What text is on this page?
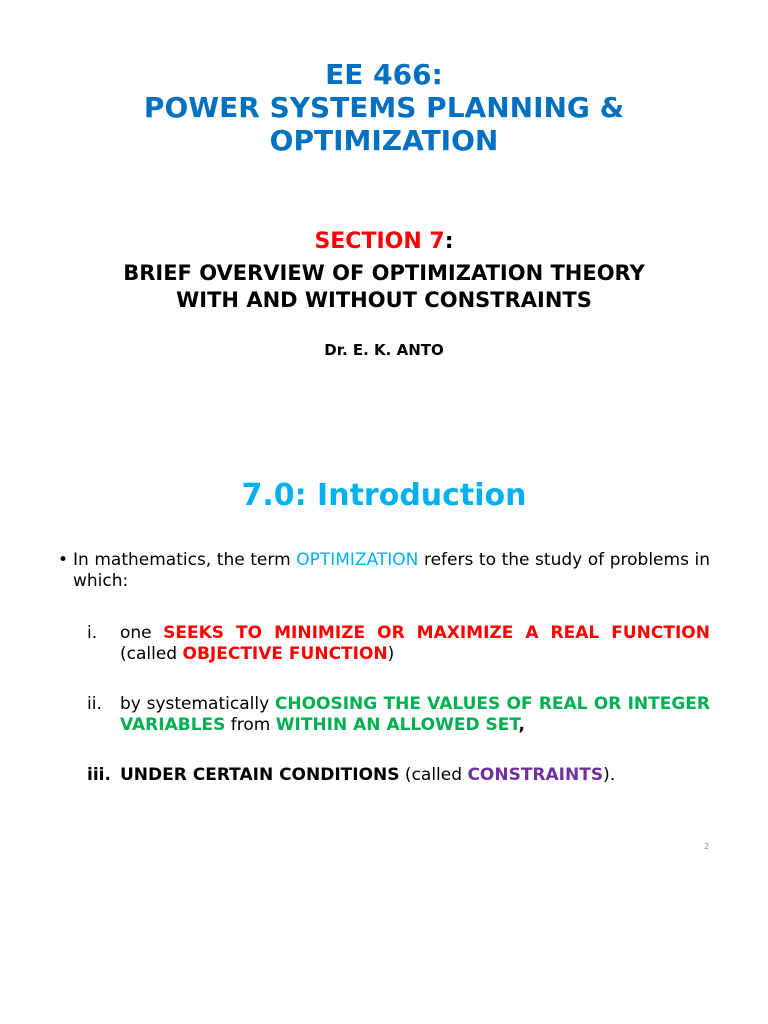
EE 466:
POWER SYSTEMS PLANNING &
OPTIMIZATION
SECTION 7:
BRIEF OVERVIEW OF OPTIMIZATION THEORY
WITH AND WITHOUT CONSTRAINTS
Dr. E. K. ANTO
7.0: Introduction
• In mathematics, the term OPTIMIZATION refers to the study of problems in which:
i. one SEEKS TO MINIMIZE OR MAXIMIZE A REAL FUNCTION (called OBJECTIVE FUNCTION)
ii. by systematically CHOOSING THE VALUES OF REAL OR INTEGER VARIABLES from WITHIN AN ALLOWED SET,
iii. UNDER CERTAIN CONDITIONS (called CONSTRAINTS).
2
